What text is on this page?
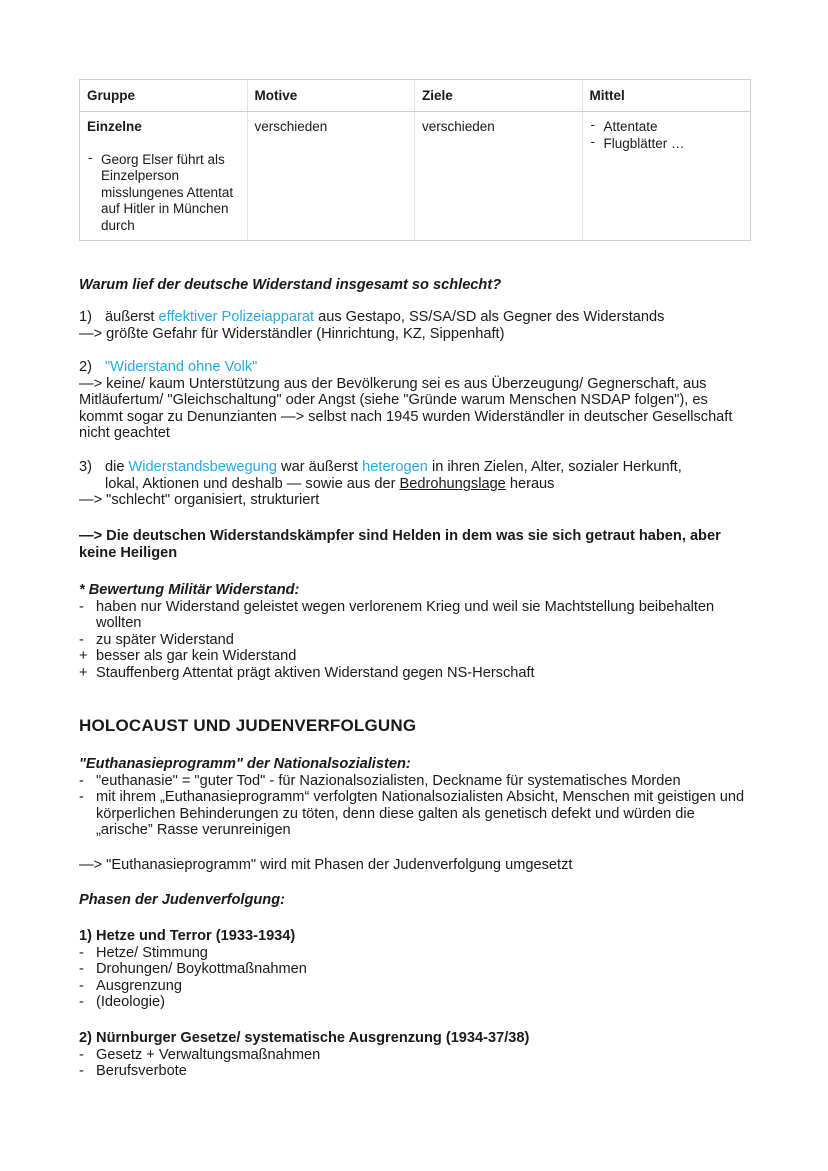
Gruppe	Motive	Ziele	Mittel
Einzelne
- Georg Elser führt als Einzelperson misslungenes Attentat auf Hitler in München durch
verschieden	verschieden
-	Attentate
- Flugblätter …
Warum lief der deutsche Widerstand insgesamt so schlecht?
1) äußerst effektiver Polizeiapparat aus Gestapo, SS/SA/SD als Gegner des Widerstands
—> größte Gefahr für Widerständler (Hinrichtung, KZ, Sippenhaft)
2) "Widerstand ohne Volk"
—> keine/ kaum Unterstützung aus der Bevölkerung sei es aus Überzeugung/ Gegnerschaft, aus Mitläufertum/ "Gleichschaltung" oder Angst (siehe "Gründe warum Menschen NSDAP folgen"), es kommt sogar zu Denunzianten —> selbst nach 1945 wurden Widerständler in deutscher Gesellschaft nicht geachtet
3) die Widerstandsbewegung war äußerst heterogen in ihren Zielen, Alter, sozialer Herkunft,
lokal, Aktionen und deshalb — sowie aus der Bedrohungslage heraus
—> "schlecht" organisiert, strukturiert
—> Die deutschen Widerstandskämpfer sind Helden in dem was sie sich getraut haben, aber keine Heiligen
* Bewertung Militär Widerstand:
- haben nur Widerstand geleistet wegen verlorenem Krieg und weil sie Machtstellung beibehalten wollten
- zu später Widerstand
+ besser als gar kein Widerstand
+ Stauffenberg Attentat prägt aktiven Widerstand gegen NS-Herschaft
HOLOCAUST UND JUDENVERFOLGUNG
"Euthanasieprogramm" der Nationalsozialisten:
- "euthanasie" = "guter Tod" - für Nazionalsozialisten, Deckname für systematisches Morden
- mit ihrem „Euthanasieprogramm“ verfolgten Nationalsozialisten Absicht, Menschen mit geistigen und körperlichen Behinderungen zu töten, denn diese galten als genetisch defekt und würden die „arische” Rasse verunreinigen
—> "Euthanasieprogramm" wird mit Phasen der Judenverfolgung umgesetzt
Phasen der Judenverfolgung:
1) Hetze und Terror (1933-1934)
- Hetze/ Stimmung
- Drohungen/ Boykottmaßnahmen
- Ausgrenzung
- (Ideologie)
2) Nürnburger Gesetze/ systematische Ausgrenzung (1934-37/38)
- Gesetz + Verwaltungsmaßnahmen
- Berufsverbote
